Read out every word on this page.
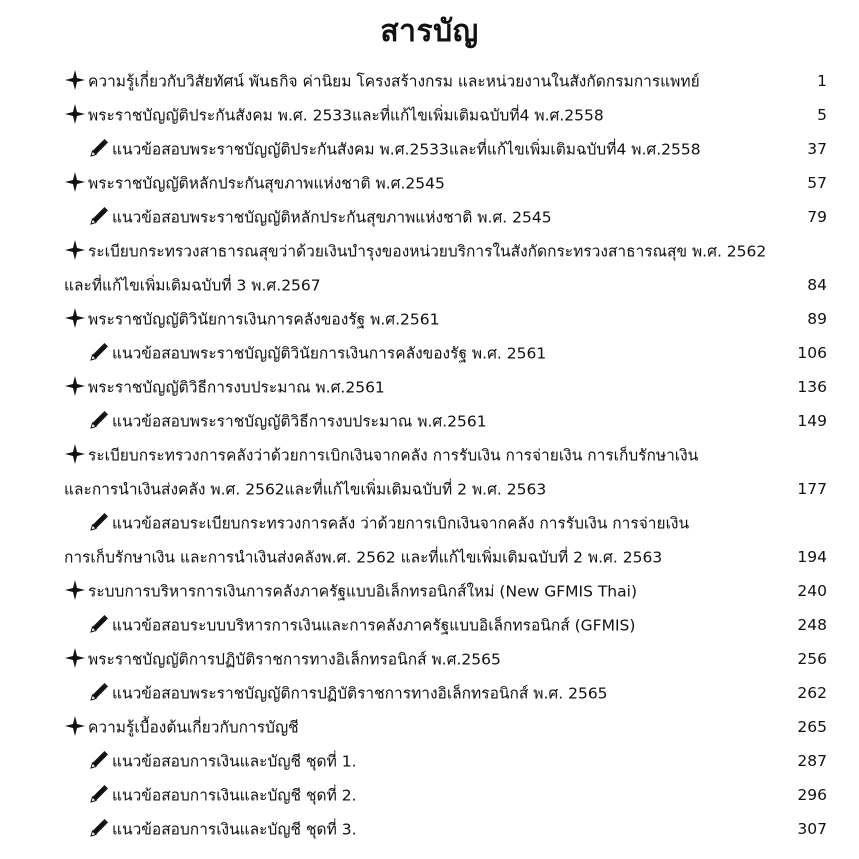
สารบัญ
ความรู้เกี่ยวกับวิสัยทัศน์ พันธกิจ ค่านิยม โครงสร้างกรม และหน่วยงานในสังกัดกรมการแพทย์	1
พระราชบัญญัติประกันสังคม พ.ศ. 2533และที่แก้ไขเพิ่มเติมฉบับที่4 พ.ศ.2558	5
แนวข้อสอบพระราชบัญญัติประกันสังคม พ.ศ.2533และที่แก้ไขเพิ่มเติมฉบับที่4 พ.ศ.2558	37
พระราชบัญญัติหลักประกันสุขภาพแห่งชาติ พ.ศ.2545	57
แนวข้อสอบพระราชบัญญัติหลักประกันสุขภาพแห่งชาติ พ.ศ. 2545	79
ระเบียบกระทรวงสาธารณสุขว่าด้วยเงินบำรุงของหน่วยบริการในสังกัดกระทรวงสาธารณสุข พ.ศ. 2562
และที่แก้ไขเพิ่มเติมฉบับที่ 3 พ.ศ.2567	84
พระราชบัญญัติวินัยการเงินการคลังของรัฐ พ.ศ.2561	89
แนวข้อสอบพระราชบัญญัติวินัยการเงินการคลังของรัฐ พ.ศ. 2561	106
พระราชบัญญัติวิธีการงบประมาณ พ.ศ.2561	136
แนวข้อสอบพระราชบัญญัติวิธีการงบประมาณ พ.ศ.2561	149
ระเบียบกระทรวงการคลังว่าด้วยการเบิกเงินจากคลัง การรับเงิน การจ่ายเงิน การเก็บรักษาเงิน
และการนำเงินส่งคลัง พ.ศ. 2562และที่แก้ไขเพิ่มเติมฉบับที่ 2 พ.ศ. 2563	177
แนวข้อสอบระเบียบกระทรวงการคลัง ว่าด้วยการเบิกเงินจากคลัง การรับเงิน การจ่ายเงิน
การเก็บรักษาเงิน และการนำเงินส่งคลังพ.ศ. 2562 และที่แก้ไขเพิ่มเติมฉบับที่ 2 พ.ศ. 2563	194
ระบบการบริหารการเงินการคลังภาครัฐแบบอิเล็กทรอนิกส์ใหม่ (New GFMIS Thai)	240
แนวข้อสอบระบบบริหารการเงินและการคลังภาครัฐแบบอิเล็กทรอนิกส์ (GFMIS)	248
พระราชบัญญัติการปฏิบัติราชการทางอิเล็กทรอนิกส์ พ.ศ.2565	256
แนวข้อสอบพระราชบัญญัติการปฏิบัติราชการทางอิเล็กทรอนิกส์ พ.ศ. 2565	262
ความรู้เบื้องต้นเกี่ยวกับการบัญชี	265
แนวข้อสอบการเงินและบัญชี ชุดที่ 1.	287
แนวข้อสอบการเงินและบัญชี ชุดที่ 2.	296
แนวข้อสอบการเงินและบัญชี ชุดที่ 3.	307
